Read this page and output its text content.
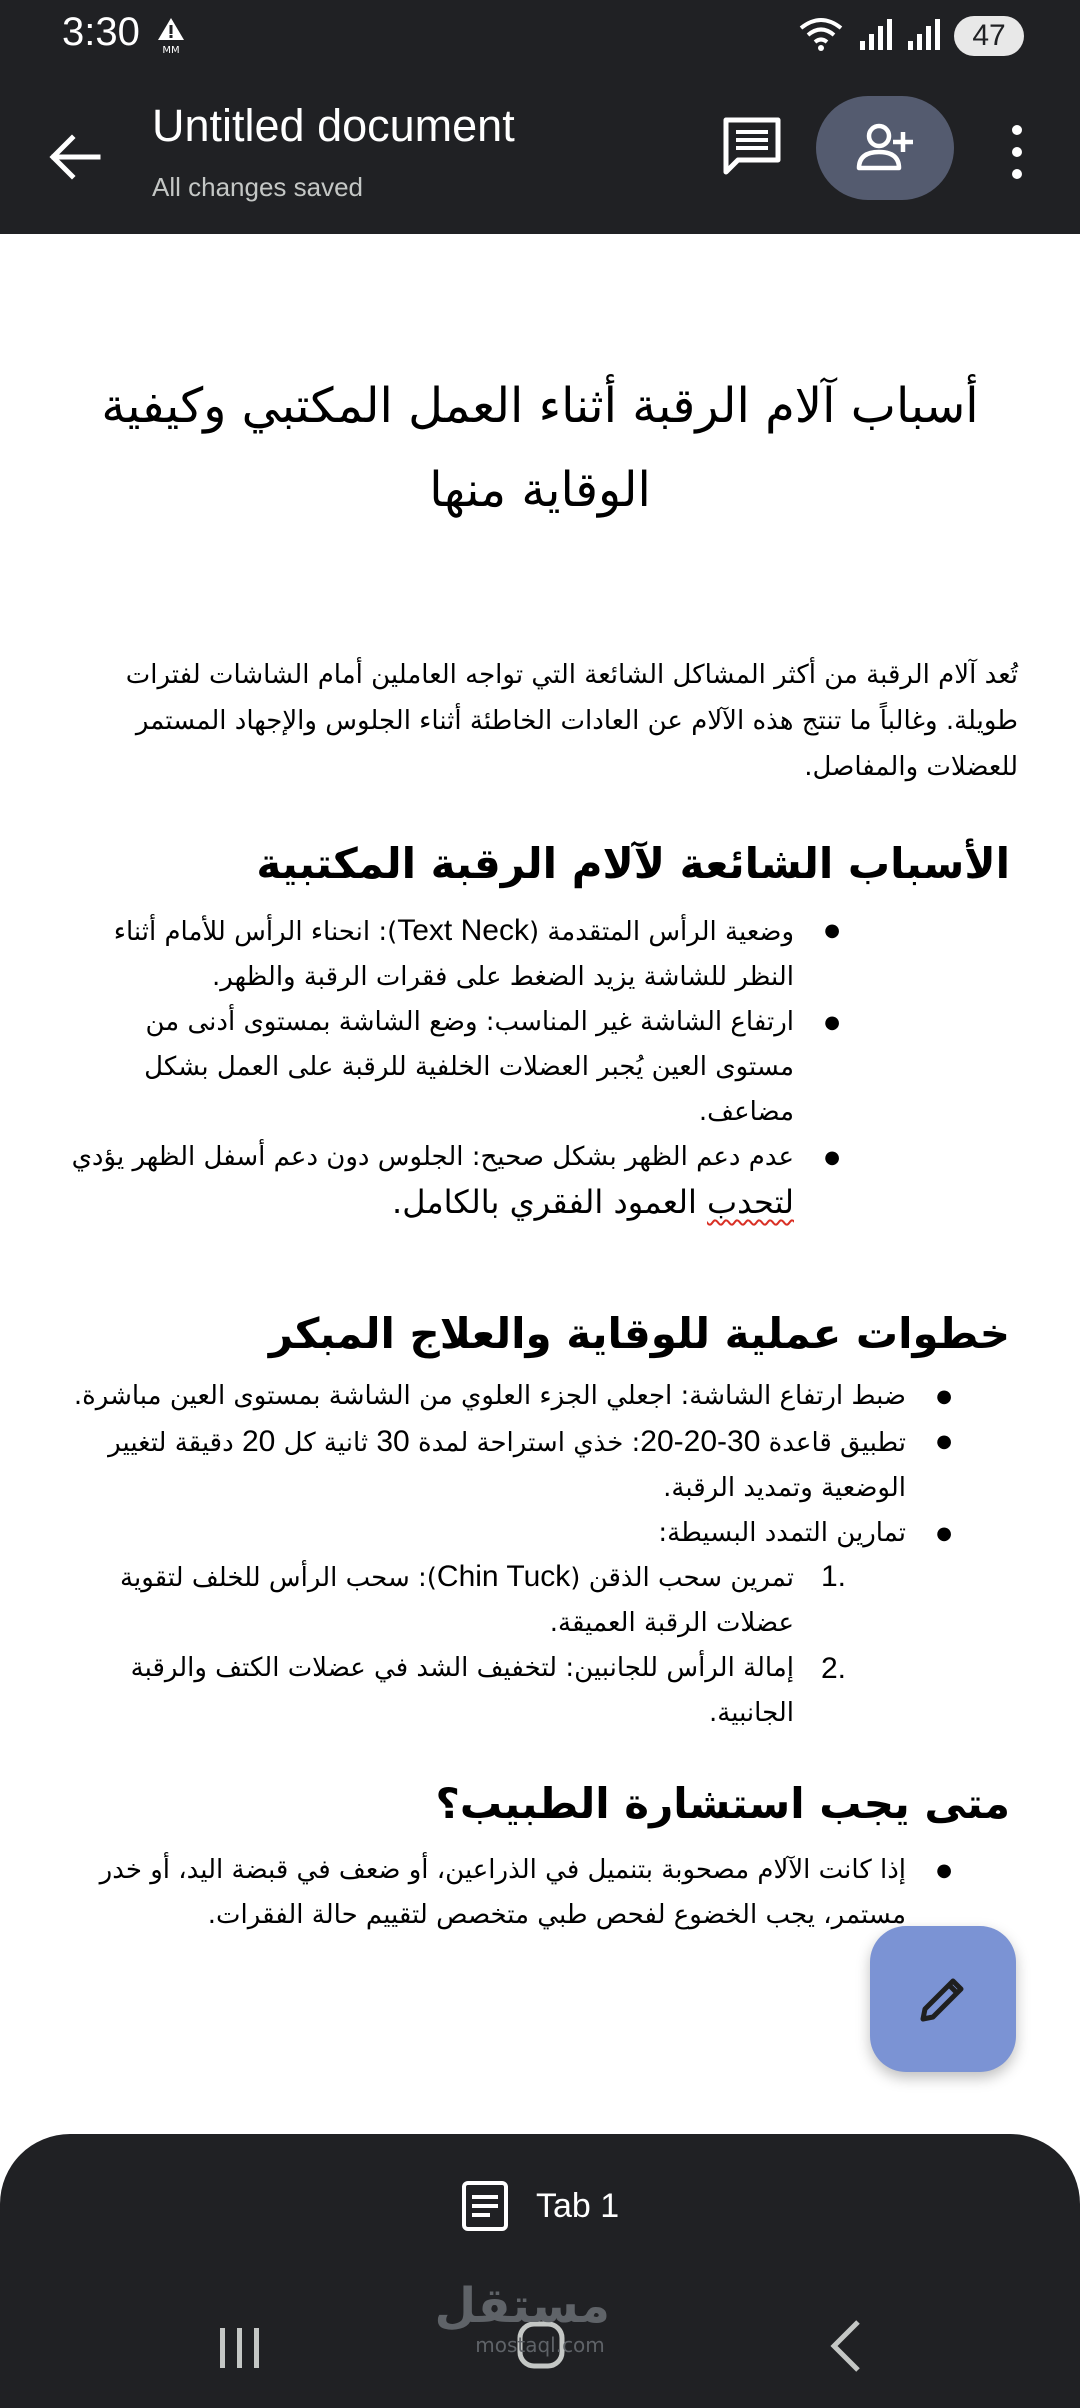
3:30 MM	47
Untitled document
All changes saved
أسباب آلام الرقبة أثناء العمل المكتبي وكيفية
الوقاية منها
تُعد آلام الرقبة من أكثر المشاكل الشائعة التي تواجه العاملين أمام الشاشات لفترات طويلة. وغالباً ما تنتج هذه الآلام عن العادات الخاطئة أثناء الجلوس والإجهاد المستمر للعضلات والمفاصل.
الأسباب الشائعة لآلام الرقبة المكتبية
● وضعية الرأس المتقدمة (Text Neck): انحناء الرأس للأمام أثناء النظر للشاشة يزيد الضغط على فقرات الرقبة والظهر.
● ارتفاع الشاشة غير المناسب: وضع الشاشة بمستوى أدنى من مستوى العين يُجبر العضلات الخلفية للرقبة على العمل بشكل مضاعف.
● عدم دعم الظهر بشكل صحيح: الجلوس دون دعم أسفل الظهر يؤدي لتحدب العمود الفقري بالكامل.
خطوات عملية للوقاية والعلاج المبكر
● ضبط ارتفاع الشاشة: اجعلي الجزء العلوي من الشاشة بمستوى العين مباشرة.
● تطبيق قاعدة 20-20-30: خذي استراحة لمدة 30 ثانية كل 20 دقيقة لتغيير الوضعية وتمديد الرقبة.
● تمارين التمدد البسيطة:
1.
تمرين سحب الذقن (Chin Tuck): سحب الرأس للخلف لتقوية عضلات الرقبة العميقة.
2.
إمالة الرأس للجانبين: لتخفيف الشد في عضلات الكتف والرقبة الجانبية.
متى يجب استشارة الطبيب؟
● إذا كانت الآلام مصحوبة بتنميل في الذراعين، أو ضعف في قبضة اليد، أو خدر مستمر، يجب الخضوع لفحص طبي متخصص لتقييم حالة الفقرات.
Tab 1
مستقل
mostaql.com
